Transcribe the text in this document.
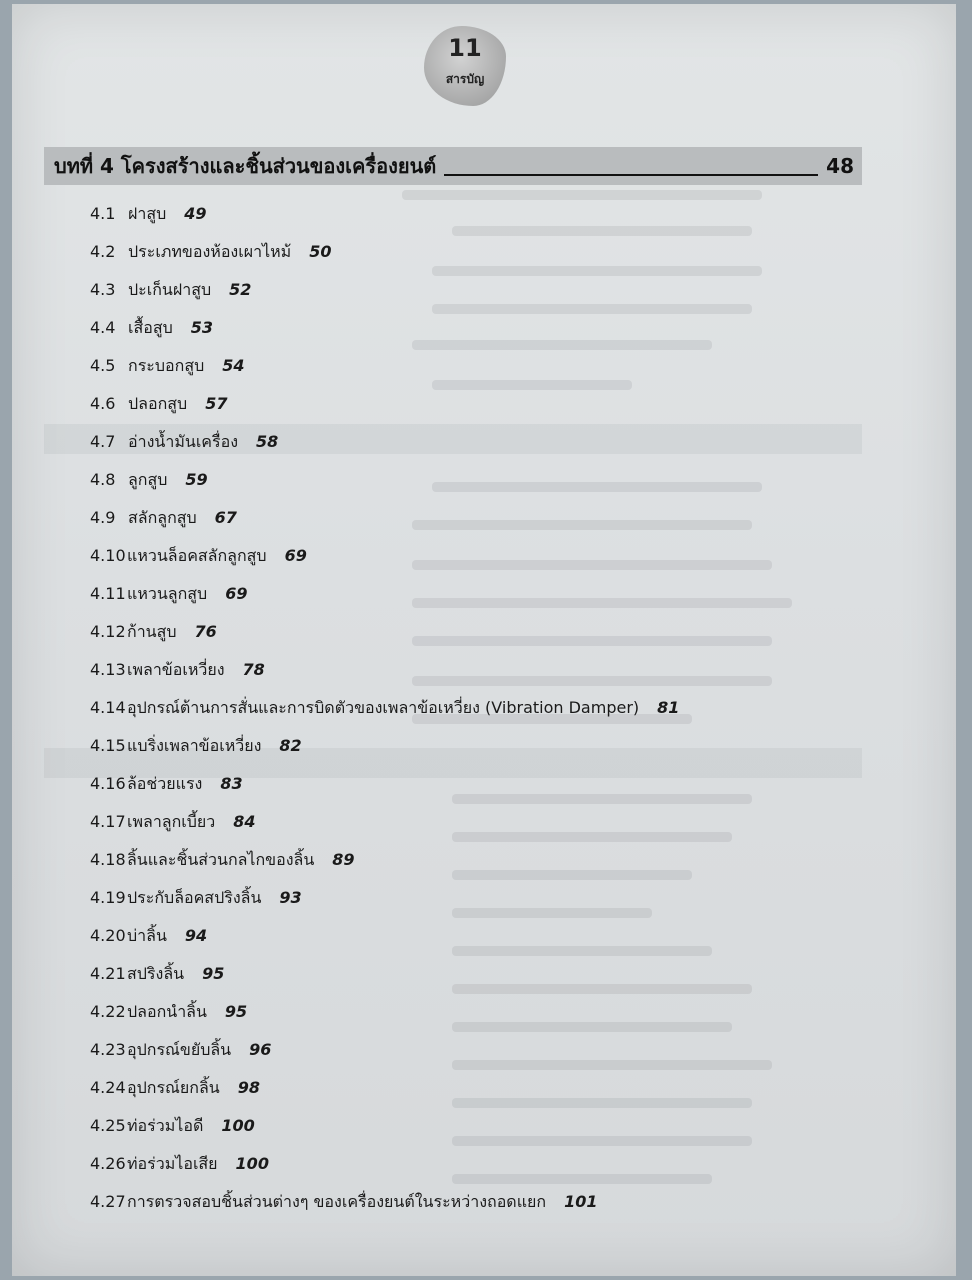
11
สารบัญ
บทที่ 4 โครงสร้างและชิ้นส่วนของเครื่องยนต์	48
4.1 ฝาสูบ 49
4.2 ประเภทของห้องเผาไหม้ 50
4.3 ปะเก็นฝาสูบ 52
4.4 เสื้อสูบ 53
4.5 กระบอกสูบ 54
4.6 ปลอกสูบ 57
4.7 อ่างน้ำมันเครื่อง 58
4.8 ลูกสูบ 59
4.9 สลักลูกสูบ 67
4.10แหวนล็อคสลักลูกสูบ 69
4.11แหวนลูกสูบ 69
4.12ก้านสูบ 76
4.13เพลาข้อเหวี่ยง 78
4.14อุปกรณ์ต้านการสั่นและการบิดตัวของเพลาข้อเหวี่ยง (Vibration Damper) 81
4.15แบริ่งเพลาข้อเหวี่ยง 82
4.16ล้อช่วยแรง 83
4.17เพลาลูกเบี้ยว 84
4.18ลิ้นและชิ้นส่วนกลไกของลิ้น 89
4.19ประกับล็อคสปริงลิ้น 93
4.20บ่าลิ้น 94
4.21สปริงลิ้น 95
4.22ปลอกนำลิ้น 95
4.23อุปกรณ์ขยับลิ้น 96
4.24อุปกรณ์ยกลิ้น 98
4.25ท่อร่วมไอดี 100
4.26ท่อร่วมไอเสีย 100
4.27การตรวจสอบชิ้นส่วนต่างๆ ของเครื่องยนต์ในระหว่างถอดแยก 101
